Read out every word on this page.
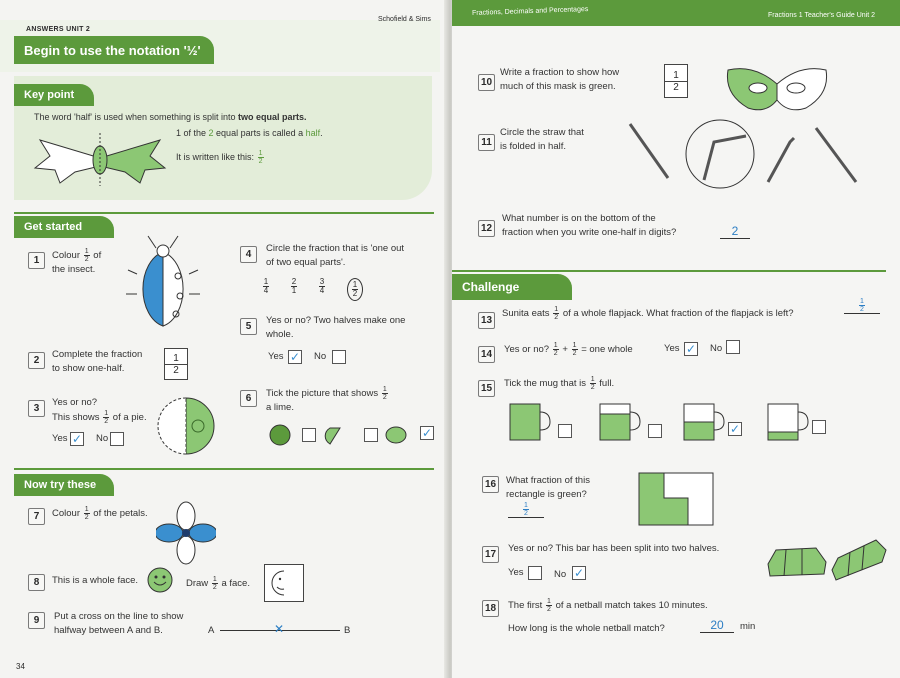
ANSWERS UNIT 2
Schofield & Sims
Begin to use the notation '½'
Key point
The word 'half' is used when something is split into two equal parts.
1 of the 2 equal parts is called a half.
It is written like this: $\frac{1}{2}$
Get started
1	Colour $\frac{1}{2}$ of
the insect.
2
Complete the fraction
to show one-half.
1
2
3
Yes or no?
This shows $\frac{1}{2}$ of a pie.
Yes ✓ No
4
Circle the fraction that is 'one out
of two equal parts'.
$\frac{1}{4}$	$\frac{2}{1}$	$\frac{3}{4}$	$\frac{1}{2}$
5
Yes or no? Two halves make one
whole.
Yes ✓ No
6	Tick the picture that shows $\frac{1}{2}$

a lime.
✓
Now try these
7	Colour $\frac{1}{2}$ of the petals.
8	This is a whole face.	Draw $\frac{1}{2}$ a face.
9	Put a cross on the line to show
halfway between A and B.	A	✕	B
34
Fractions, Decimals and Percentages	Fractions 1 Teacher's Guide Unit 2
10
Write a fraction to show how
much of this mask is green.
1
2
11
Circle the straw that
is folded in half.
12
What number is on the bottom of the
fraction when you write one-half in digits?	2
Challenge
13
Sunita eats $\frac{1}{2}$ of a whole flapjack. What fraction of the flapjack is left?
$\frac{1}{2}$
14	Yes or no? $\frac{1}{2} + \frac{1}{2}$ = one whole	Yes ✓ No
15	Tick the mug that is $\frac{1}{2}$ full.
✓
16	What fraction of this
rectangle is green?
$\frac{1}{2}$
17
Yes or no? This bar has been split into two halves.
Yes	No ✓
18	The first $\frac{1}{2}$ of a netball match takes 10 minutes.
How long is the whole netball match?	20	min
